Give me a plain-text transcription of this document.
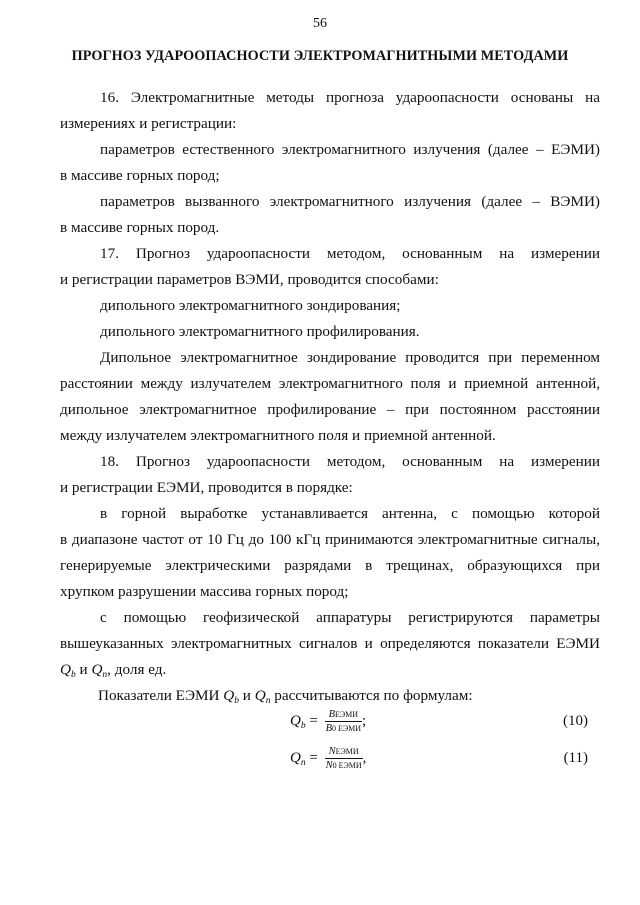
56
ПРОГНОЗ УДАРООПАСНОСТИ ЭЛЕКТРОМАГНИТНЫМИ МЕТОДАМИ
16. Электромагнитные методы прогноза удароопасности основаны на
измерениях и регистрации:
параметров естественного электромагнитного излучения (далее – ЕЭМИ)
в массиве горных пород;
параметров вызванного электромагнитного излучения (далее – ВЭМИ)
в массиве горных пород.
17. Прогноз удароопасности методом, основанным на измерении
и регистрации параметров ВЭМИ, проводится способами:
дипольного электромагнитного зондирования;
дипольного электромагнитного профилирования.
Дипольное электромагнитное зондирование проводится при переменном
расстоянии между излучателем электромагнитного поля и приемной антенной,
дипольное электромагнитное профилирование – при постоянном расстоянии
между излучателем электромагнитного поля и приемной антенной.
18. Прогноз удароопасности методом, основанным на измерении
и регистрации ЕЭМИ, проводится в порядке:
в горной выработке устанавливается антенна, с помощью которой
в диапазоне частот от 10 Гц до 100 кГц принимаются электромагнитные сигналы,
генерируемые электрическими разрядами в трещинах, образующихся при
хрупком разрушении массива горных пород;
с помощью геофизической аппаратуры регистрируются параметры
вышеуказанных электромагнитных сигналов и определяются показатели ЕЭМИ
$Q_b$ и $Q_n$, доля ед.
Показатели ЕЭМИ $Q_b$ и $Q_n$ рассчитываются по формулам:
$Q_b = \frac{\text{BЕЭМИ}}{\text{B0 ЕЭМИ}}$ ;	(10)
$Q_n = \frac{\text{NЕЭМИ}}{\text{N0 ЕЭМИ}}$ ,	(11)
